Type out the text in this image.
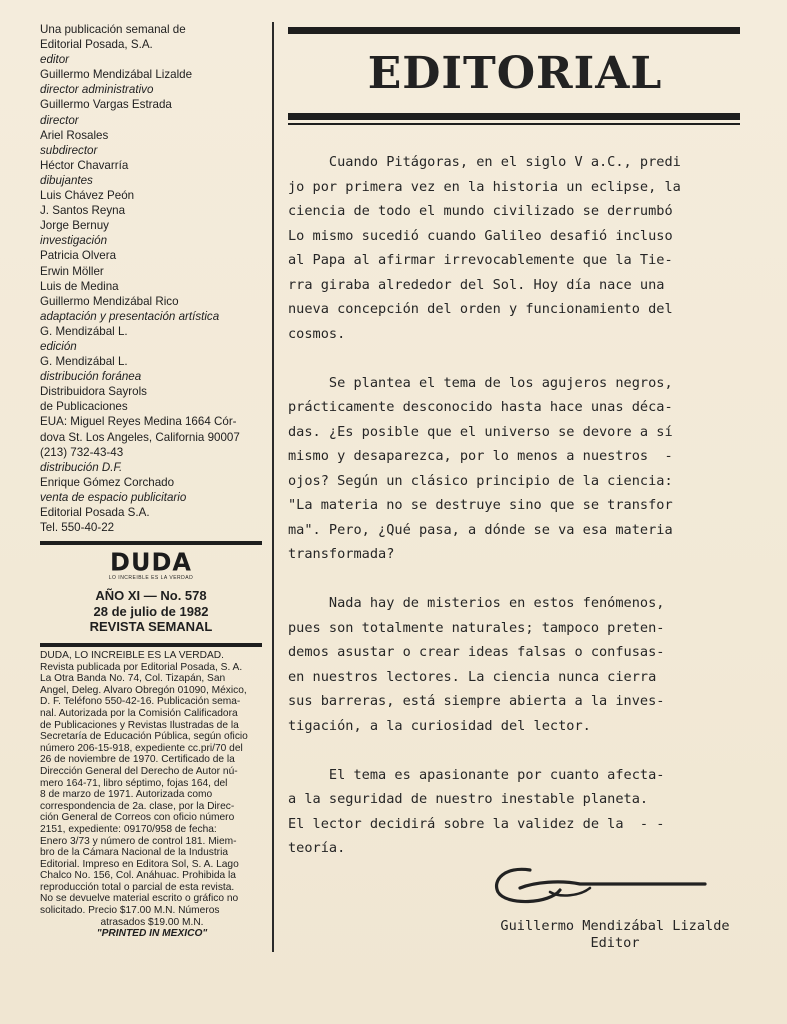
Una publicación semanal de
Editorial Posada, S.A.
editor
Guillermo Mendizábal Lizalde
director administrativo
Guillermo Vargas Estrada
director
Ariel Rosales
subdirector
Héctor Chavarría
dibujantes
Luis Chávez Peón
J. Santos Reyna
Jorge Bernuy
investigación
Patricia Olvera
Erwin Möller
Luis de Medina
Guillermo Mendizábal Rico
adaptación y presentación artística
G. Mendizábal L.
edición
G. Mendizábal L.
distribución foránea
Distribuidora Sayrols
de Publicaciones
EUA: Miguel Reyes Medina 1664 Cór-
dova St. Los Angeles, California 90007
(213) 732-43-43
distribución D.F.
Enrique Gómez Corchado
venta de espacio publicitario
Editorial Posada S.A.
Tel. 550-40-22
DUDA
LO INCREIBLE ES LA VERDAD
AÑO XI — No. 578
28 de julio de 1982
REVISTA SEMANAL
DUDA, LO INCREIBLE ES LA VERDAD.
Revista publicada por Editorial Posada, S. A.
La Otra Banda No. 74, Col. Tizapán, San
Angel, Deleg. Alvaro Obregón 01090, México,
D. F. Teléfono 550-42-16. Publicación sema-
nal. Autorizada por la Comisión Calificadora
de Publicaciones y Revistas Ilustradas de la
Secretaría de Educación Pública, según oficio
número 206-15-918, expediente cc.pri/70 del
26 de noviembre de 1970. Certificado de la
Dirección General del Derecho de Autor nú-
mero 164-71, libro séptimo, fojas 164, del
8 de marzo de 1971. Autorizada como
correspondencia de 2a. clase, por la Direc-
ción General de Correos con oficio número
2151, expediente: 09170/958 de fecha:
Enero 3/73 y número de control 181. Miem-
bro de la Cámara Nacional de la Industria
Editorial. Impreso en Editora Sol, S. A. Lago
Chalco No. 156, Col. Anáhuac. Prohibida la
reproducción total o parcial de esta revista.
No se devuelve material escrito o gráfico no
solicitado. Precio $17.00 M.N. Números
atrasados $19.00 M.N.
"PRINTED IN MEXICO"
EDITORIAL

Cuando Pitágoras, en el siglo V a.C., predi
jo por primera vez en la historia un eclipse, la
ciencia de todo el mundo civilizado se derrumbó
Lo mismo sucedió cuando Galileo desafió incluso
al Papa al afirmar irrevocablemente que la Tie-
rra giraba alrededor del Sol. Hoy día nace una
nueva concepción del orden y funcionamiento del
cosmos.

Se plantea el tema de los agujeros negros,
prácticamente desconocido hasta hace unas déca-
das. ¿Es posible que el universo se devore a sí
mismo y desaparezca, por lo menos a nuestros  -
ojos? Según un clásico principio de la ciencia:
"La materia no se destruye sino que se transfor
ma". Pero, ¿Qué pasa, a dónde se va esa materia
transformada?

Nada hay de misterios en estos fenómenos,
pues son totalmente naturales; tampoco preten-
demos asustar o crear ideas falsas o confusas-
en nuestros lectores. La ciencia nunca cierra
sus barreras, está siempre abierta a la inves-
tigación, a la curiosidad del lector.

El tema es apasionante por cuanto afecta-
a la seguridad de nuestro inestable planeta.
El lector decidirá sobre la validez de la  - -
teoría.

Guillermo Mendizábal Lizalde
Editor
